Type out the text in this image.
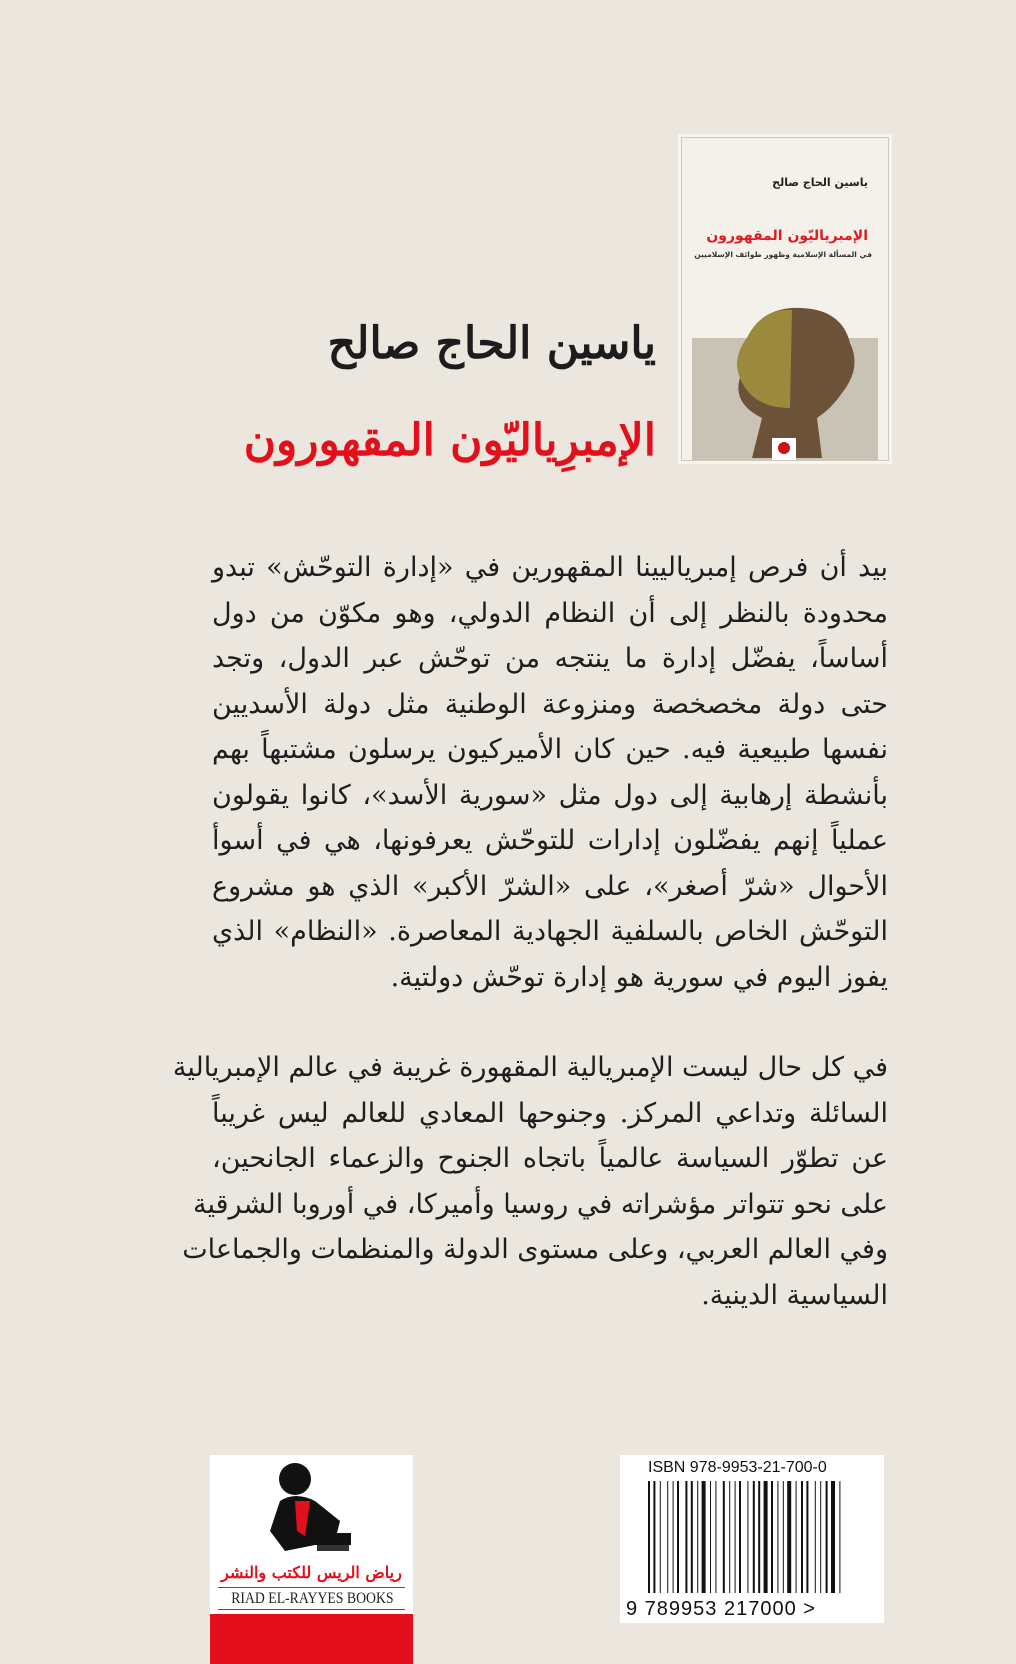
ياسين الحاج صالح
الإمبرياليّون المقهورون
في المسألة الإسلامية وظهور طوائف الإسلاميين
ياسين الحاج صالح
الإمبرِياليّون المقهورون
بيد أن فرص إمبرياليينا المقهورين في «إدارة التوحّش» تبدو
محدودة بالنظر إلى أن النظام الدولي، وهو مكوّن من دول
أساساً، يفضّل إدارة ما ينتجه من توحّش عبر الدول، وتجد
حتى دولة مخصخصة ومنزوعة الوطنية مثل دولة الأسديين
نفسها طبيعية فيه. حين كان الأميركيون يرسلون مشتبهاً بهم
بأنشطة إرهابية إلى دول مثل «سورية الأسد»، كانوا يقولون
عملياً إنهم يفضّلون إدارات للتوحّش يعرفونها، هي في أسوأ
الأحوال «شرّ أصغر»، على «الشرّ الأكبر» الذي هو مشروع
التوحّش الخاص بالسلفية الجهادية المعاصرة. «النظام» الذي
يفوز اليوم في سورية هو إدارة توحّش دولتية.
في كل حال ليست الإمبريالية المقهورة غريبة في عالم الإمبريالية
السائلة وتداعي المركز. وجنوحها المعادي للعالم ليس غريباً
عن تطوّر السياسة عالمياً باتجاه الجنوح والزعماء الجانحين،
على نحو تتواتر مؤشراته في روسيا وأميركا، في أوروبا الشرقية
وفي العالم العربي، وعلى مستوى الدولة والمنظمات والجماعات
السياسية الدينية.
رياض الريس للكتب والنشر
RIAD EL-RAYYES BOOKS
ISBN 978-9953-21-700-0
9 789953 217000 >
